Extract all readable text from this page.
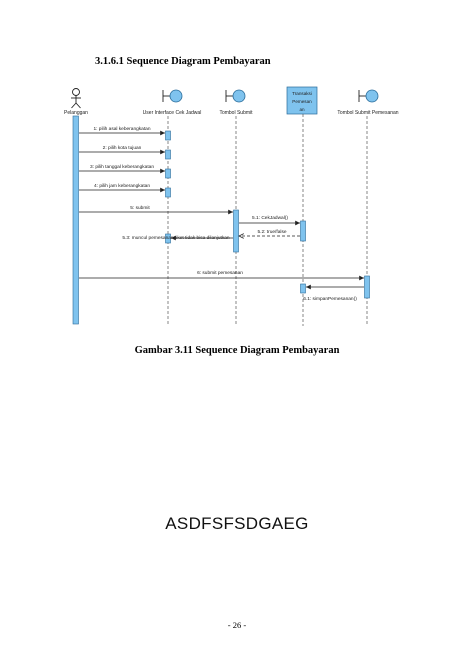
3.1.6.1 Sequence Diagram Pembayaran
Pelanggan	User Interface Cek Jadwal	Tombol Submit
Transaksi
Pemesan
an
Tombol Submit Pemesanan
1: pilih asal keberangkatan
2: pilih kota tujuan
3: pilih tanggal keberangkatan
4: pilih jam keberangkatan
5: submit
5.1: CekJadwal()
5.2: true/false
5.3: muncul pemesanan tiket tidak bisa dilanjutkan
6: submit pemesanan
6.1: simpanPemesanan()
Gambar 3.11 Sequence Diagram Pembayaran
ASDFSFSDGAEG
- 26 -
